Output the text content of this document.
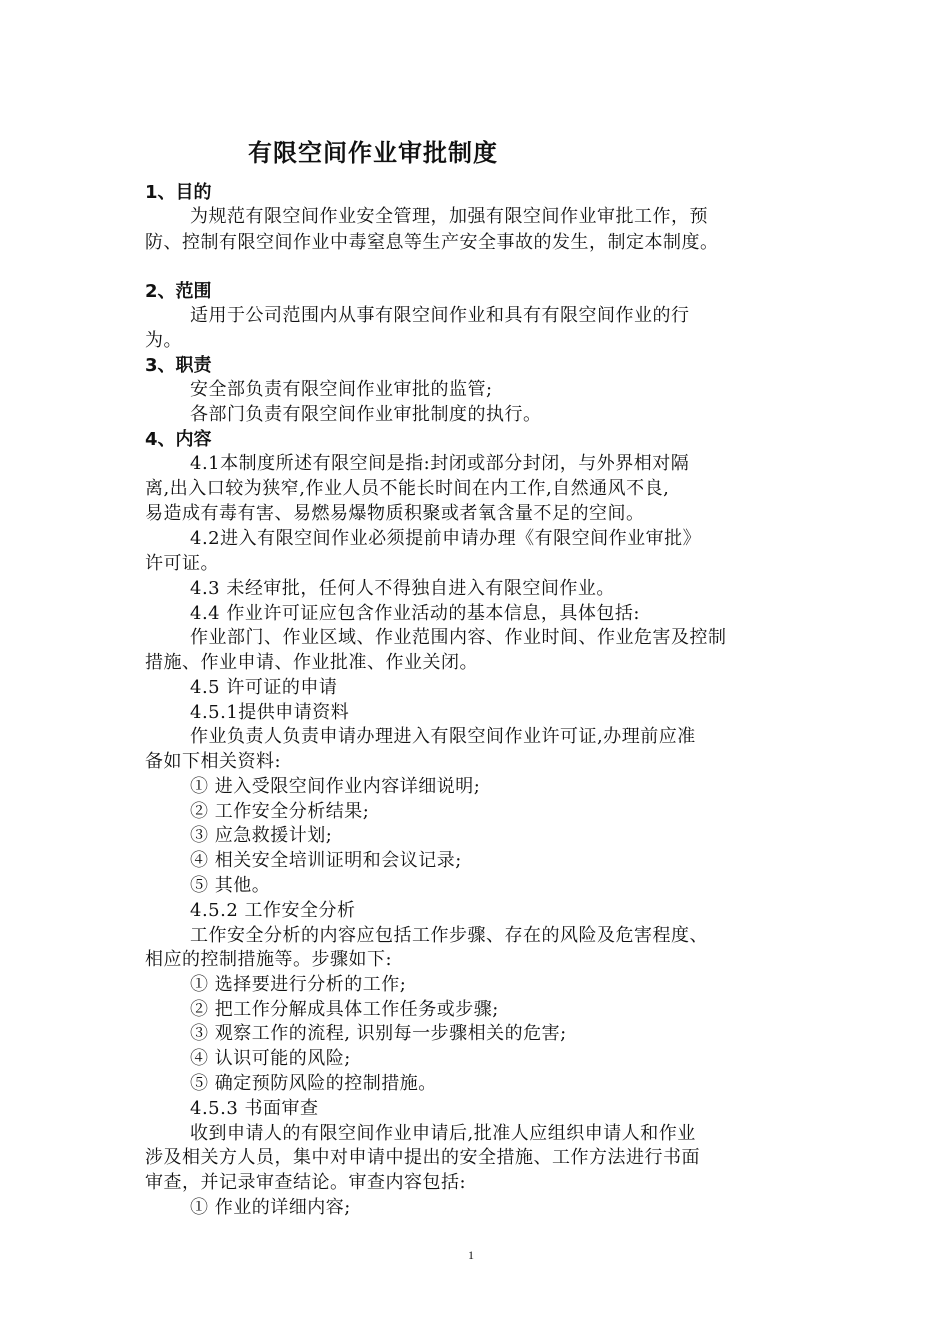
有限空间作业审批制度
1、目的
为规范有限空间作业安全管理，加强有限空间作业审批工作，预
防、控制有限空间作业中毒窒息等生产安全事故的发生，制定本制度。
2、范围
适用于公司范围内从事有限空间作业和具有有限空间作业的行
为。
3、职责
安全部负责有限空间作业审批的监管;
各部门负责有限空间作业审批制度的执行。
4、内容
4.1本制度所述有限空间是指:封闭或部分封闭，与外界相对隔
离,出入口较为狭窄,作业人员不能长时间在内工作,自然通风不良,
易造成有毒有害、易燃易爆物质积聚或者氧含量不足的空间。
4.2进入有限空间作业必须提前申请办理《有限空间作业审批》
许可证。
4.3 未经审批，任何人不得独自进入有限空间作业。
4.4 作业许可证应包含作业活动的基本信息，具体包括:
作业部门、作业区域、作业范围内容、作业时间、作业危害及控制
措施、作业申请、作业批准、作业关闭。
4.5 许可证的申请
4.5.1提供申请资料
作业负责人负责申请办理进入有限空间作业许可证,办理前应准
备如下相关资料:
① 进入受限空间作业内容详细说明;
② 工作安全分析结果;
③ 应急救援计划;
④ 相关安全培训证明和会议记录;
⑤ 其他。
4.5.2 工作安全分析
工作安全分析的内容应包括工作步骤、存在的风险及危害程度、
相应的控制措施等。步骤如下:
① 选择要进行分析的工作;
② 把工作分解成具体工作任务或步骤;
③ 观察工作的流程, 识别每一步骤相关的危害;
④ 认识可能的风险;
⑤ 确定预防风险的控制措施。
4.5.3 书面审查
收到申请人的有限空间作业申请后,批准人应组织申请人和作业
涉及相关方人员，集中对申请中提出的安全措施、工作方法进行书面
审查，并记录审查结论。审查内容包括:
① 作业的详细内容;
1
